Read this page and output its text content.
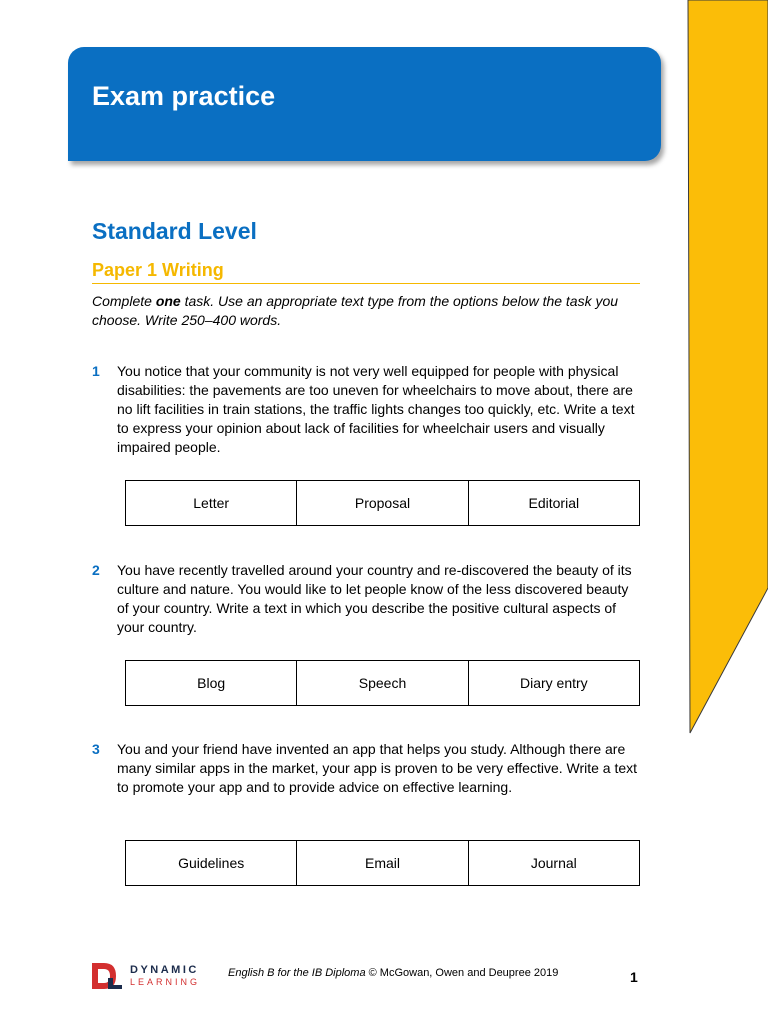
Exam practice
Standard Level
Paper 1 Writing

Complete one task. Use an appropriate text type from the options below the task you choose. Write 250–400 words.

1 You notice that your community is not very well equipped for people with physical disabilities: the pavements are too uneven for wheelchairs to move about, there are no lift facilities in train stations, the traffic lights changes too quickly, etc. Write a text to express your opinion about lack of facilities for wheelchair users and visually impaired people.

Letter	Proposal	Editorial
2 You have recently travelled around your country and re-discovered the beauty of its culture and nature. You would like to let people know of the less discovered beauty of your country. Write a text in which you describe the positive cultural aspects of your country.

Blog	Speech	Diary entry
3 You and your friend have invented an app that helps you study. Although there are many similar apps in the market, your app is proven to be very effective. Write a text to promote your app and to provide advice on effective learning.

Guidelines	Email	Journal
DYNAMIC
LEARNING

English B for the IB Diploma © McGowan, Owen and Deupree 2019	1
